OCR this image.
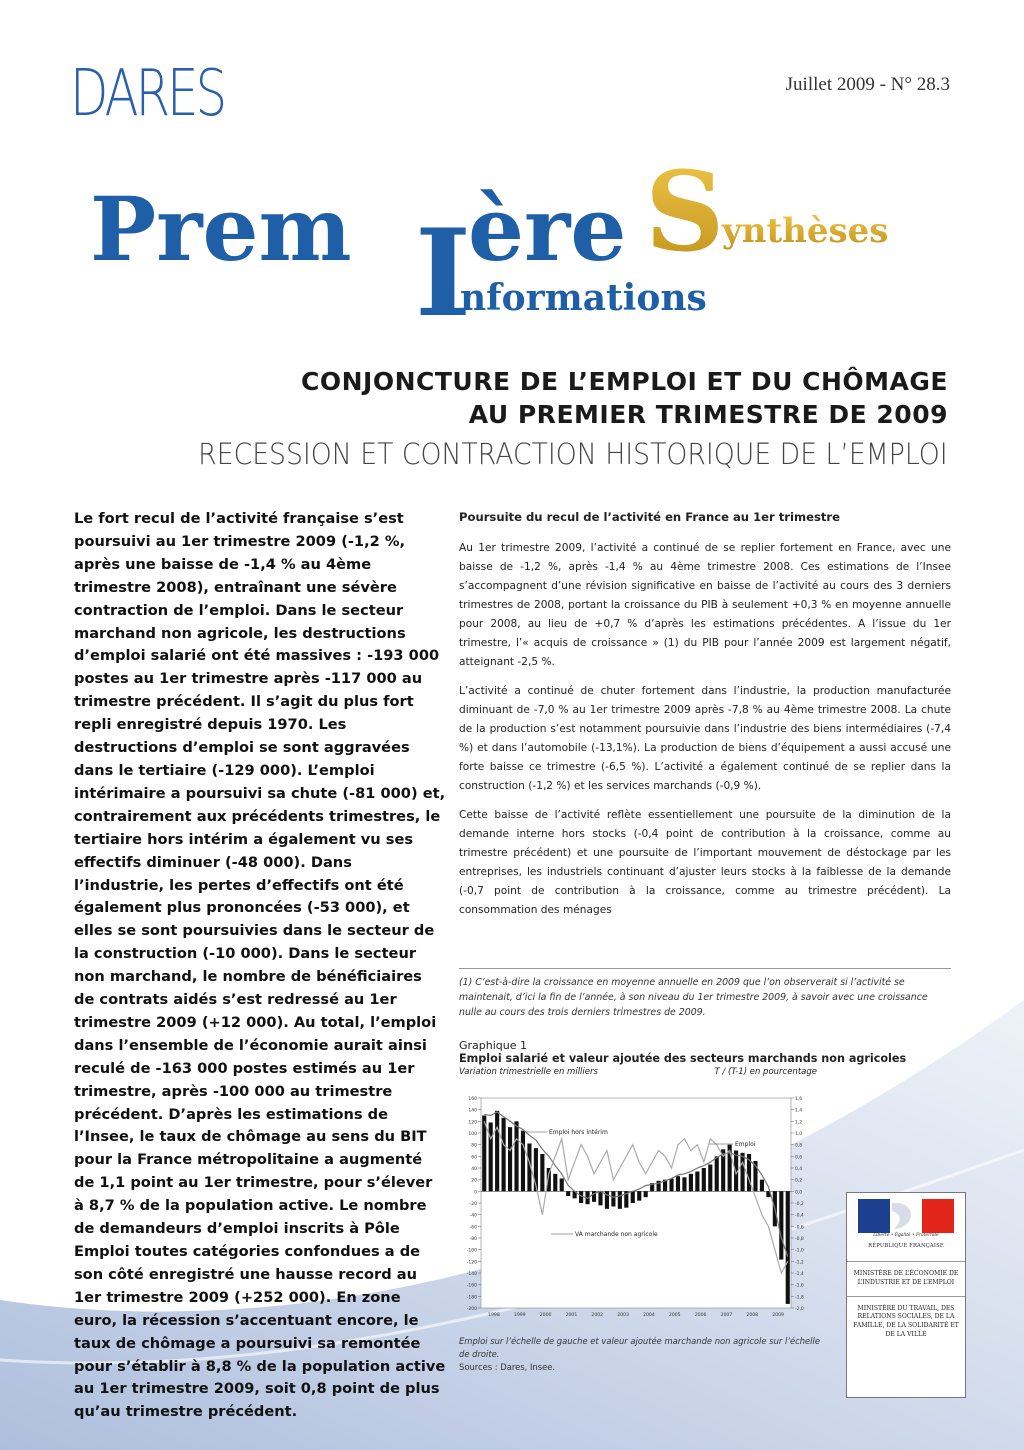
DARES	Juillet 2009 - N° 28.3
Prem I
ère S
ynthèses
nformations
CONJONCTURE DE L’EMPLOI ET DU CHÔMAGE
AU PREMIER TRIMESTRE DE 2009
RECESSION ET CONTRACTION HISTORIQUE DE L’EMPLOI
Le fort recul de l’activité française s’est poursuivi au 1er trimestre 2009 (-1,2 %, après une baisse de -1,4 % au 4ème trimestre 2008), entraînant une sévère contraction de l’emploi. Dans le secteur marchand non agricole, les destructions d’emploi salarié ont été massives : -193 000 postes au 1er trimestre après -117 000 au trimestre précédent. Il s’agit du plus fort repli enregistré depuis 1970. Les destructions d’emploi se sont aggravées dans le tertiaire (-129 000). L’emploi intérimaire a poursuivi sa chute (-81 000) et, contrairement aux précédents trimestres, le tertiaire hors intérim a également vu ses effectifs diminuer (-48 000). Dans l’industrie, les pertes d’effectifs ont été également plus prononcées (-53 000), et elles se sont poursuivies dans le secteur de la construction (-10 000). Dans le secteur non marchand, le nombre de bénéficiaires de contrats aidés s’est redressé au 1er trimestre 2009 (+12 000). Au total, l’emploi dans l’ensemble de l’économie aurait ainsi reculé de -163 000 postes estimés au 1er trimestre, après -100 000 au trimestre précédent. D’après les estimations de l’Insee, le taux de chômage au sens du BIT pour la France métropolitaine a augmenté de 1,1 point au 1er trimestre, pour s’élever à 8,7 % de la population active. Le nombre de demandeurs d’emploi inscrits à Pôle Emploi toutes catégories confondues a de son côté enregistré une hausse record au 1er trimestre 2009 (+252 000). En zone euro, la récession s’accentuant encore, le taux de chômage a poursuivi sa remontée pour s’établir à 8,8 % de la population active au 1er trimestre 2009, soit 0,8 point de plus qu’au trimestre précédent.
Poursuite du recul de l’activité en France au 1er trimestre

Au 1er trimestre 2009, l’activité a continué de se replier fortement en France, avec une baisse de -1,2 %, après -1,4 % au 4ème trimestre 2008. Ces estimations de l’Insee s’accompagnent d’une révision significative en baisse de l’activité au cours des 3 derniers trimestres de 2008, portant la croissance du PIB à seulement +0,3 % en moyenne annuelle pour 2008, au lieu de +0,7 % d’après les estimations précédentes. A l’issue du 1er trimestre, l’« acquis de croissance » (1) du PIB pour l’année 2009 est largement négatif, atteignant -2,5 %.

L’activité a continué de chuter fortement dans l’industrie, la production manufacturée diminuant de -7,0 % au 1er trimestre 2009 après -7,8 % au 4ème trimestre 2008. La chute de la production s’est notamment poursuivie dans l’industrie des biens intermédiaires (-7,4 %) et dans l’automobile (-13,1%). La production de biens d’équipement a aussi accusé une forte baisse ce trimestre (-6,5 %). L’activité a également continué de se replier dans la construction (-1,2 %) et les services marchands (-0,9 %).

Cette baisse de l’activité reflète essentiellement une poursuite de la diminution de la demande interne hors stocks (-0,4 point de contribution à la croissance, comme au trimestre précédent) et une poursuite de l’important mouvement de déstockage par les entreprises, les industriels continuant d’ajuster leurs stocks à la faiblesse de la demande (-0,7 point de contribution à la croissance, comme au trimestre précédent). La consommation des ménages

(1) C’est-à-dire la croissance en moyenne annuelle en 2009 que l’on observerait si l’activité se maintenait, d’ici la fin de l’année, à son niveau du 1er trimestre 2009, à savoir avec une croissance nulle au cours des trois derniers trimestres de 2009.
Graphique 1
Emploi salarié et valeur ajoutée des secteurs marchands non agricoles
Variation trimestrielle en milliers	T / (T-1) en pourcentage
-200
-180
-160
-140
-120
-100
-80
-60
-40
-20
0
20
40
60
80
100
120
140
160
-2,0
-1,8
-1,6
-1,4
-1,2
-1,0
-0,8
-0,6
-0,4
-0,2
0,0
0,2
0,4
0,6
0,8
1,0
1,2
1,4
1,6
1998	1999	2000	2001	2002	2003	2004	2005	2006	2007	2008	2009
Emploi hors intérim
Emploi
VA marchande non agricole
Emploi sur l’échelle de gauche et valeur ajoutée marchande non agricole sur l’échelle de droite.
Sources : Dares, Insee.
Liberté • Égalité • Fraternité
RÉPUBLIQUE FRANÇAISE
MINISTÈRE DE L’ÉCONOMIE DE L’INDUSTRIE ET DE L’EMPLOI
MINISTÈRE DU TRAVAIL, DES RELATIONS SOCIALES, DE LA FAMILLE, DE LA SOLIDARITÉ ET DE LA VILLE
